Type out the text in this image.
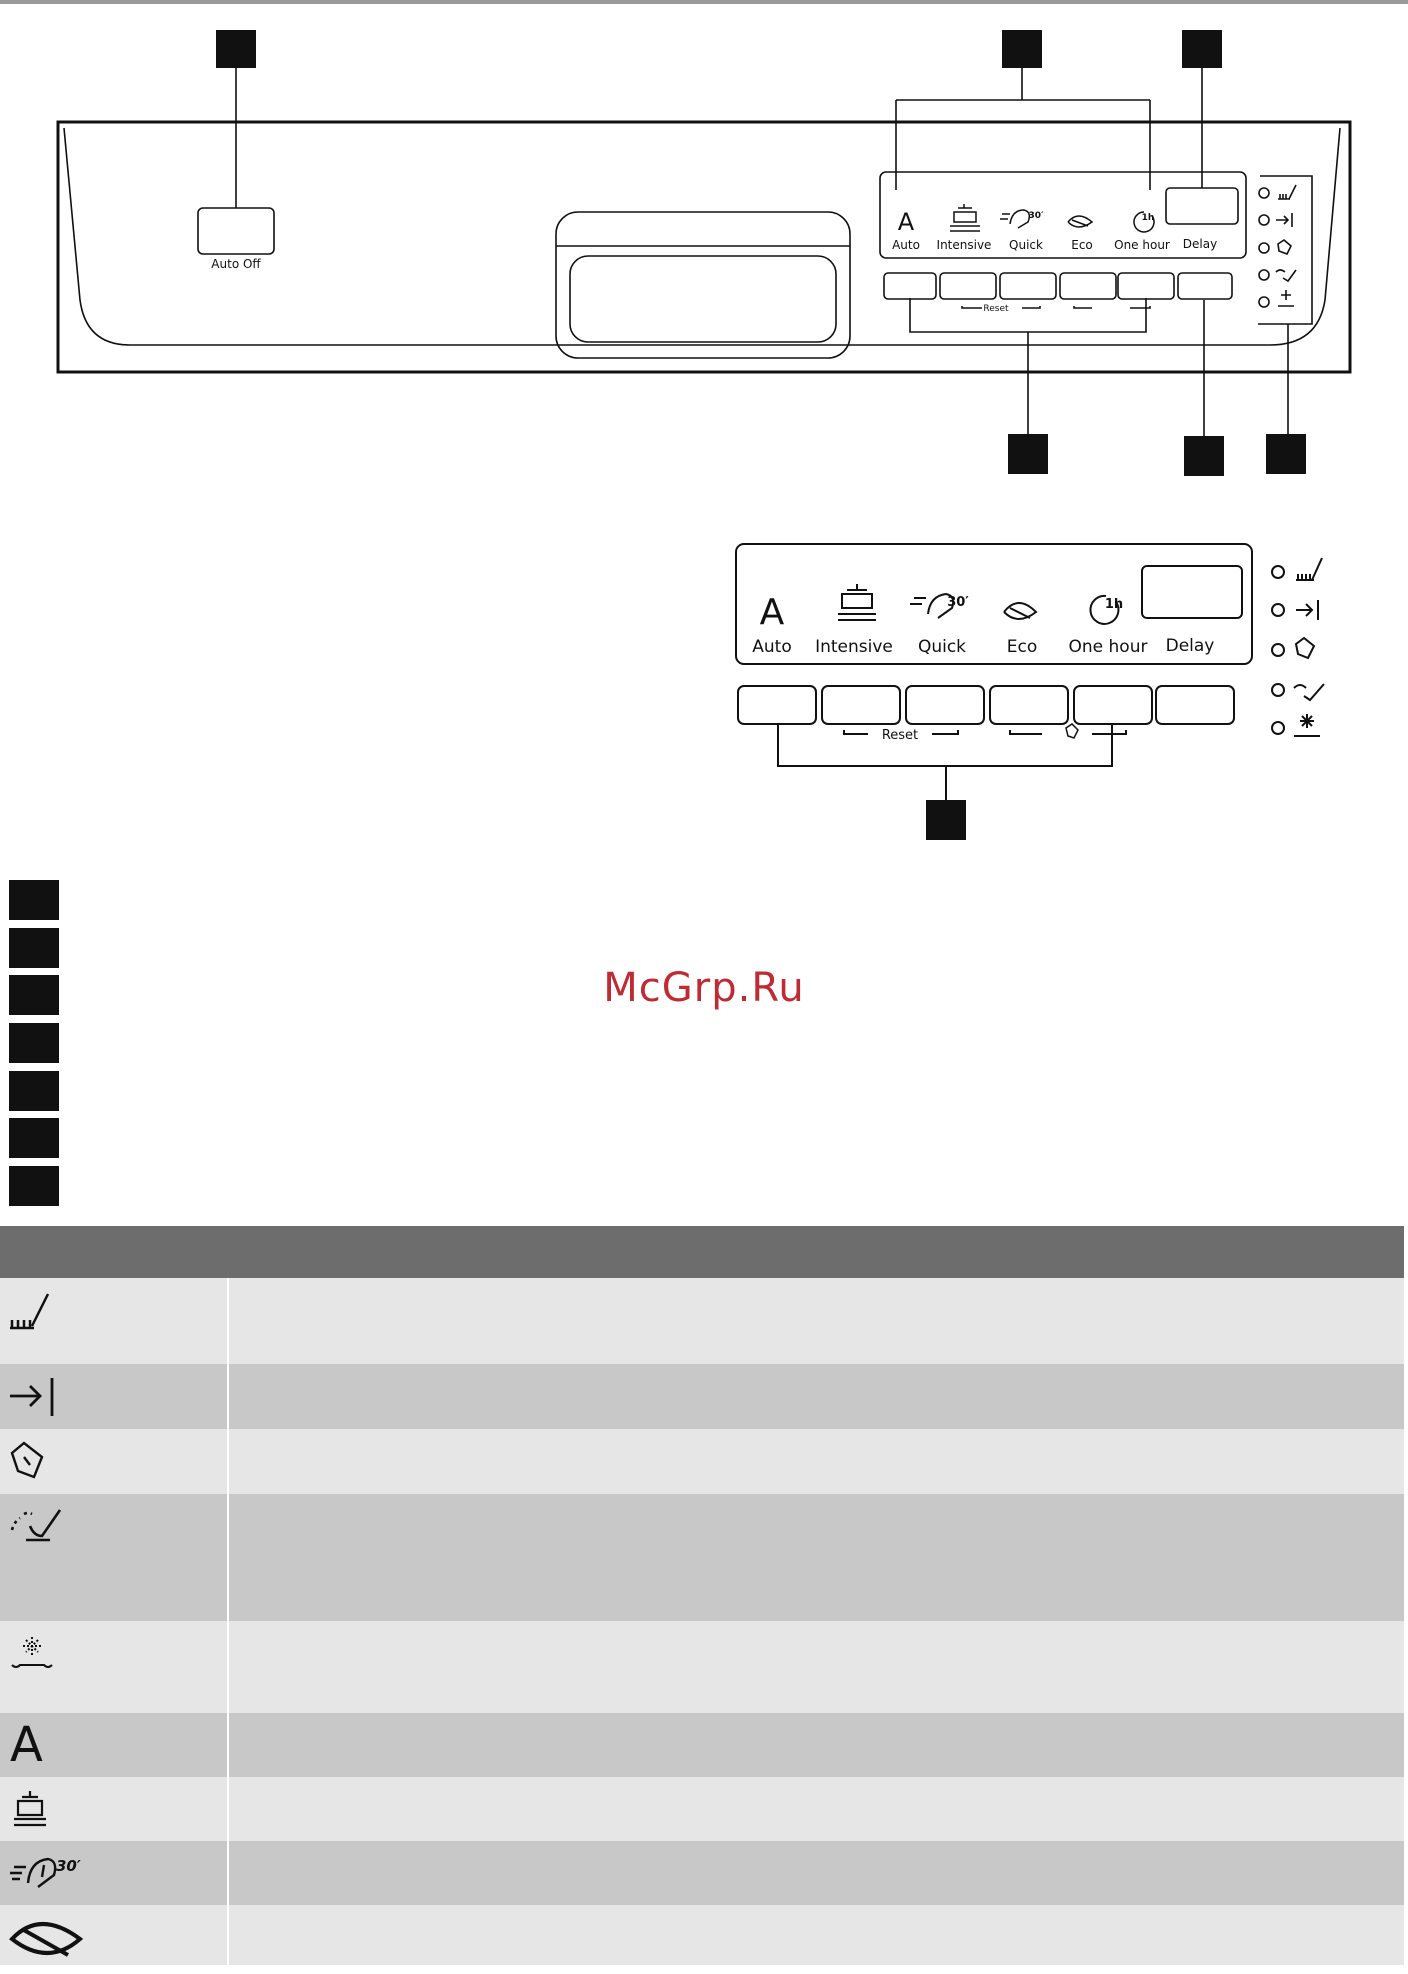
Auto Off
A
Auto Intensive
30′
Quick Eco
1h
One hour Delay
Reset
A
Auto Intensive
30′
Quick Eco
1h
One hour Delay
Reset
McGrp.Ru
A
30′
